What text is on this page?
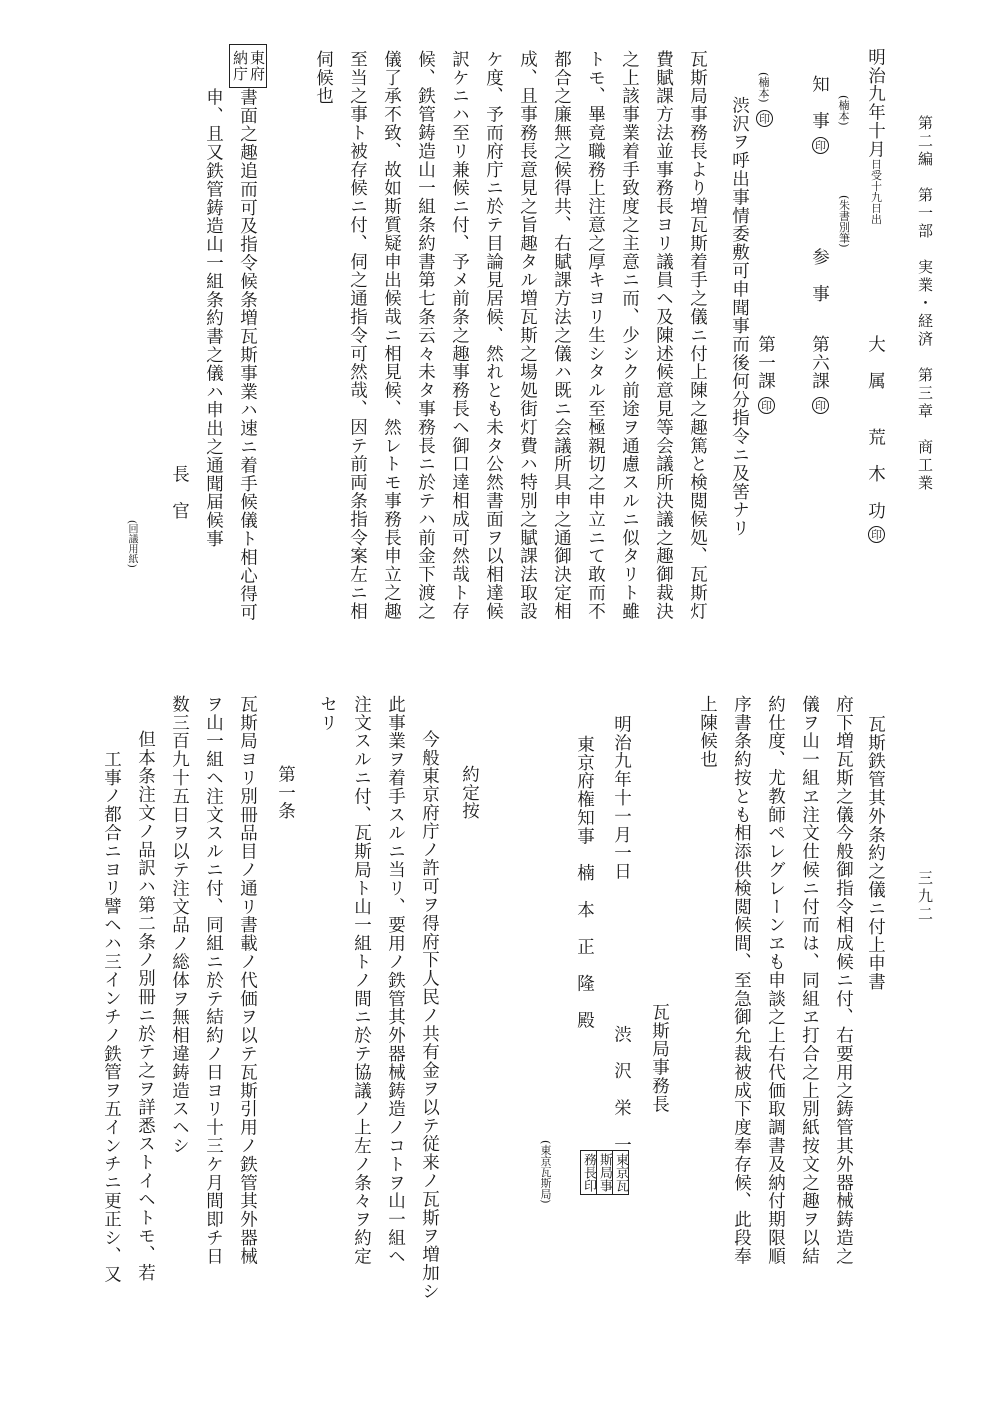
第二編　第一部　実業・経済　第三章　商工業
三九二
明治九年十月日受十九日出
(楠本)
知　事 印
(朱書別筆)参　事
(楠本)
印
大　属
荒　木　功 印
第六課 印
第一課 印
渋沢ヲ呼出事情委敷可申聞事而後何分指令ニ及筈ナリ
瓦斯局事務長より増瓦斯着手之儀ニ付上陳之趣篤と検閲候処、瓦斯灯
費賦課方法並事務長ヨリ議員ヘ及陳述候意見等会議所決議之趣御裁決
之上該事業着手致度之主意ニ而、少シク前途ヲ通慮スルニ似タリト雖
トモ、畢竟職務上注意之厚キヨリ生シタル至極親切之申立ニて敢而不
都合之廉無之候得共、右賦課方法之儀ハ既ニ会議所具申之通御決定相
成、且事務長意見之旨趣タル増瓦斯之場処街灯費ハ特別之賦課法取設
ケ度、予而府庁ニ於テ目論見居候、然れとも未タ公然書面ヲ以相達候
訳ケニハ至リ兼候ニ付、予メ前条之趣事務長ヘ御口達相成可然哉ト存
候、鉄管鋳造山一組条約書第七条云々未タ事務長ニ於テハ前金下渡之
儀了承不致、故如斯質疑申出候哉ニ相見候、然レトモ事務長申立之趣
至当之事ト被存候ニ付、伺之通指令可然哉、因テ前両条指令案左ニ相
伺候也
東府
納庁
書面之趣追而可及指令候条増瓦斯事業ハ速ニ着手候儀ト相心得可
申、且又鉄管鋳造山一組条約書之儀ハ申出之通聞届候事
長　官
(回議用紙)
瓦斯鉄管其外条約之儀ニ付上申書
府下増瓦斯之儀今般御指令相成候ニ付、右要用之鋳管其外器械鋳造之
儀ヲ山一組ヱ注文仕候ニ付而は、同組ヱ打合之上別紙按文之趣ヲ以結
約仕度、尤教師ペレグレーンヱも申談之上右代価取調書及納付期限順
序書条約按とも相添供検閲候間、至急御允裁被成下度奉存候、此段奉
上陳候也
瓦斯局事務長
渋　沢　栄　一
東京瓦
斯局事
務長印
明治九年十一月一日
東京府権知事　楠　本　正　隆　殿
(東京瓦斯局)
約定按
今般東京府庁ノ許可ヲ得府下人民ノ共有金ヲ以テ従来ノ瓦斯ヲ増加シ
此事業ヲ着手スルニ当リ、要用ノ鉄管其外器械鋳造ノコトヲ山一組ヘ
注文スルニ付、瓦斯局ト山一組トノ間ニ於テ協議ノ上左ノ条々ヲ約定
セリ
第一条
瓦斯局ヨリ別冊品目ノ通リ書載ノ代価ヲ以テ瓦斯引用ノ鉄管其外器械
ヲ山一組ヘ注文スルニ付、同組ニ於テ結約ノ日ヨリ十三ケ月間即チ日
数三百九十五日ヲ以テ注文品ノ総体ヲ無相違鋳造スヘシ
但本条注文ノ品訳ハ第二条ノ別冊ニ於テ之ヲ詳悉ストイヘトモ、若
工事ノ都合ニヨリ譬ヘハ三インチノ鉄管ヲ五インチニ更正シ、又
